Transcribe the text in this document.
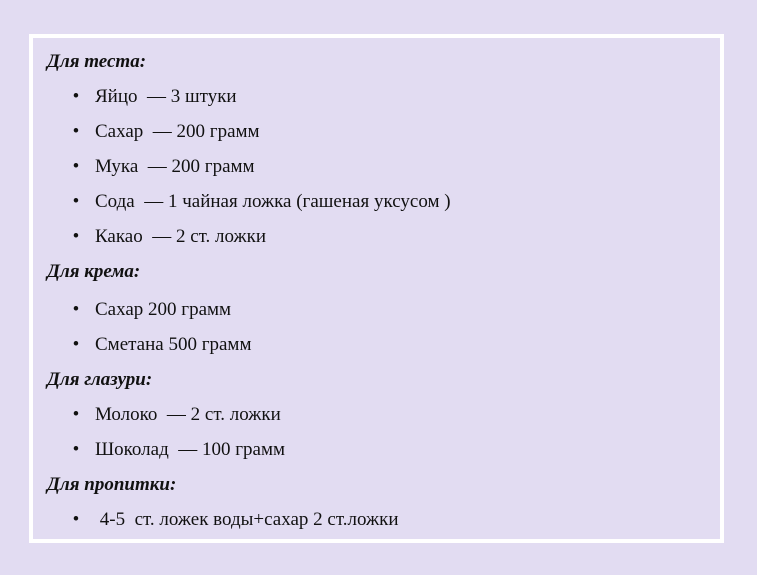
Для теста:
• Яйцо  — 3 штуки
• Сахар  — 200 грамм
• Мука  — 200 грамм
• Сода  — 1 чайная ложка (гашеная уксусом )
• Какао  — 2 ст. ложки
Для крема:
• Сахар 200 грамм
• Сметана 500 грамм
Для глазури:
• Молоко  — 2 ст. ложки
• Шоколад  — 100 грамм
Для пропитки:
• 4-5  ст. ложек воды+сахар 2 ст.ложки
